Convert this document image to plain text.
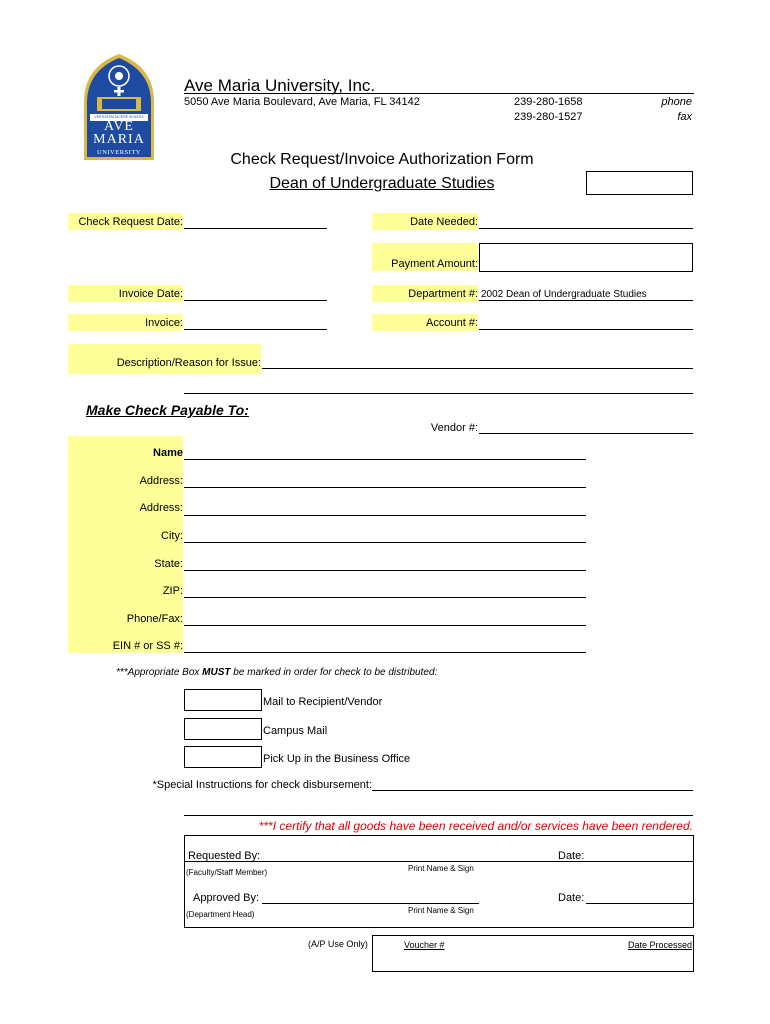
VERITATEM DICERE IN NATIS
AVE
MARIA
UNIVERSITY
Ave Maria University, Inc.
5050 Ave Maria Boulevard, Ave Maria, FL 34142	239-280-1658
239-280-1527
phone
fax
Check Request/Invoice Authorization Form
Dean of Undergraduate Studies
Check Request Date:	Date Needed:
Payment Amount:
Invoice Date:	Department #: 2002 Dean of Undergraduate Studies
Invoice:	Account #:
Description/Reason for Issue:
Make Check Payable To:
Vendor #:
Name
Address:
Address:
City:
State:
ZIP:
Phone/Fax:
EIN # or SS #:
***Appropriate Box MUST be marked in order for check to be distributed:
Mail to Recipient/Vendor
Campus Mail
Pick Up in the Business Office
*Special Instructions for check disbursement:
***I certify that all goods have been received and/or services have been rendered.
Requested By:
(Faculty/Staff Member)	Print Name & Sign
Date:
Approved By:
(Department Head)	Print Name & Sign
Date:
(A/P Use Only)	Voucher #	Date Processed
